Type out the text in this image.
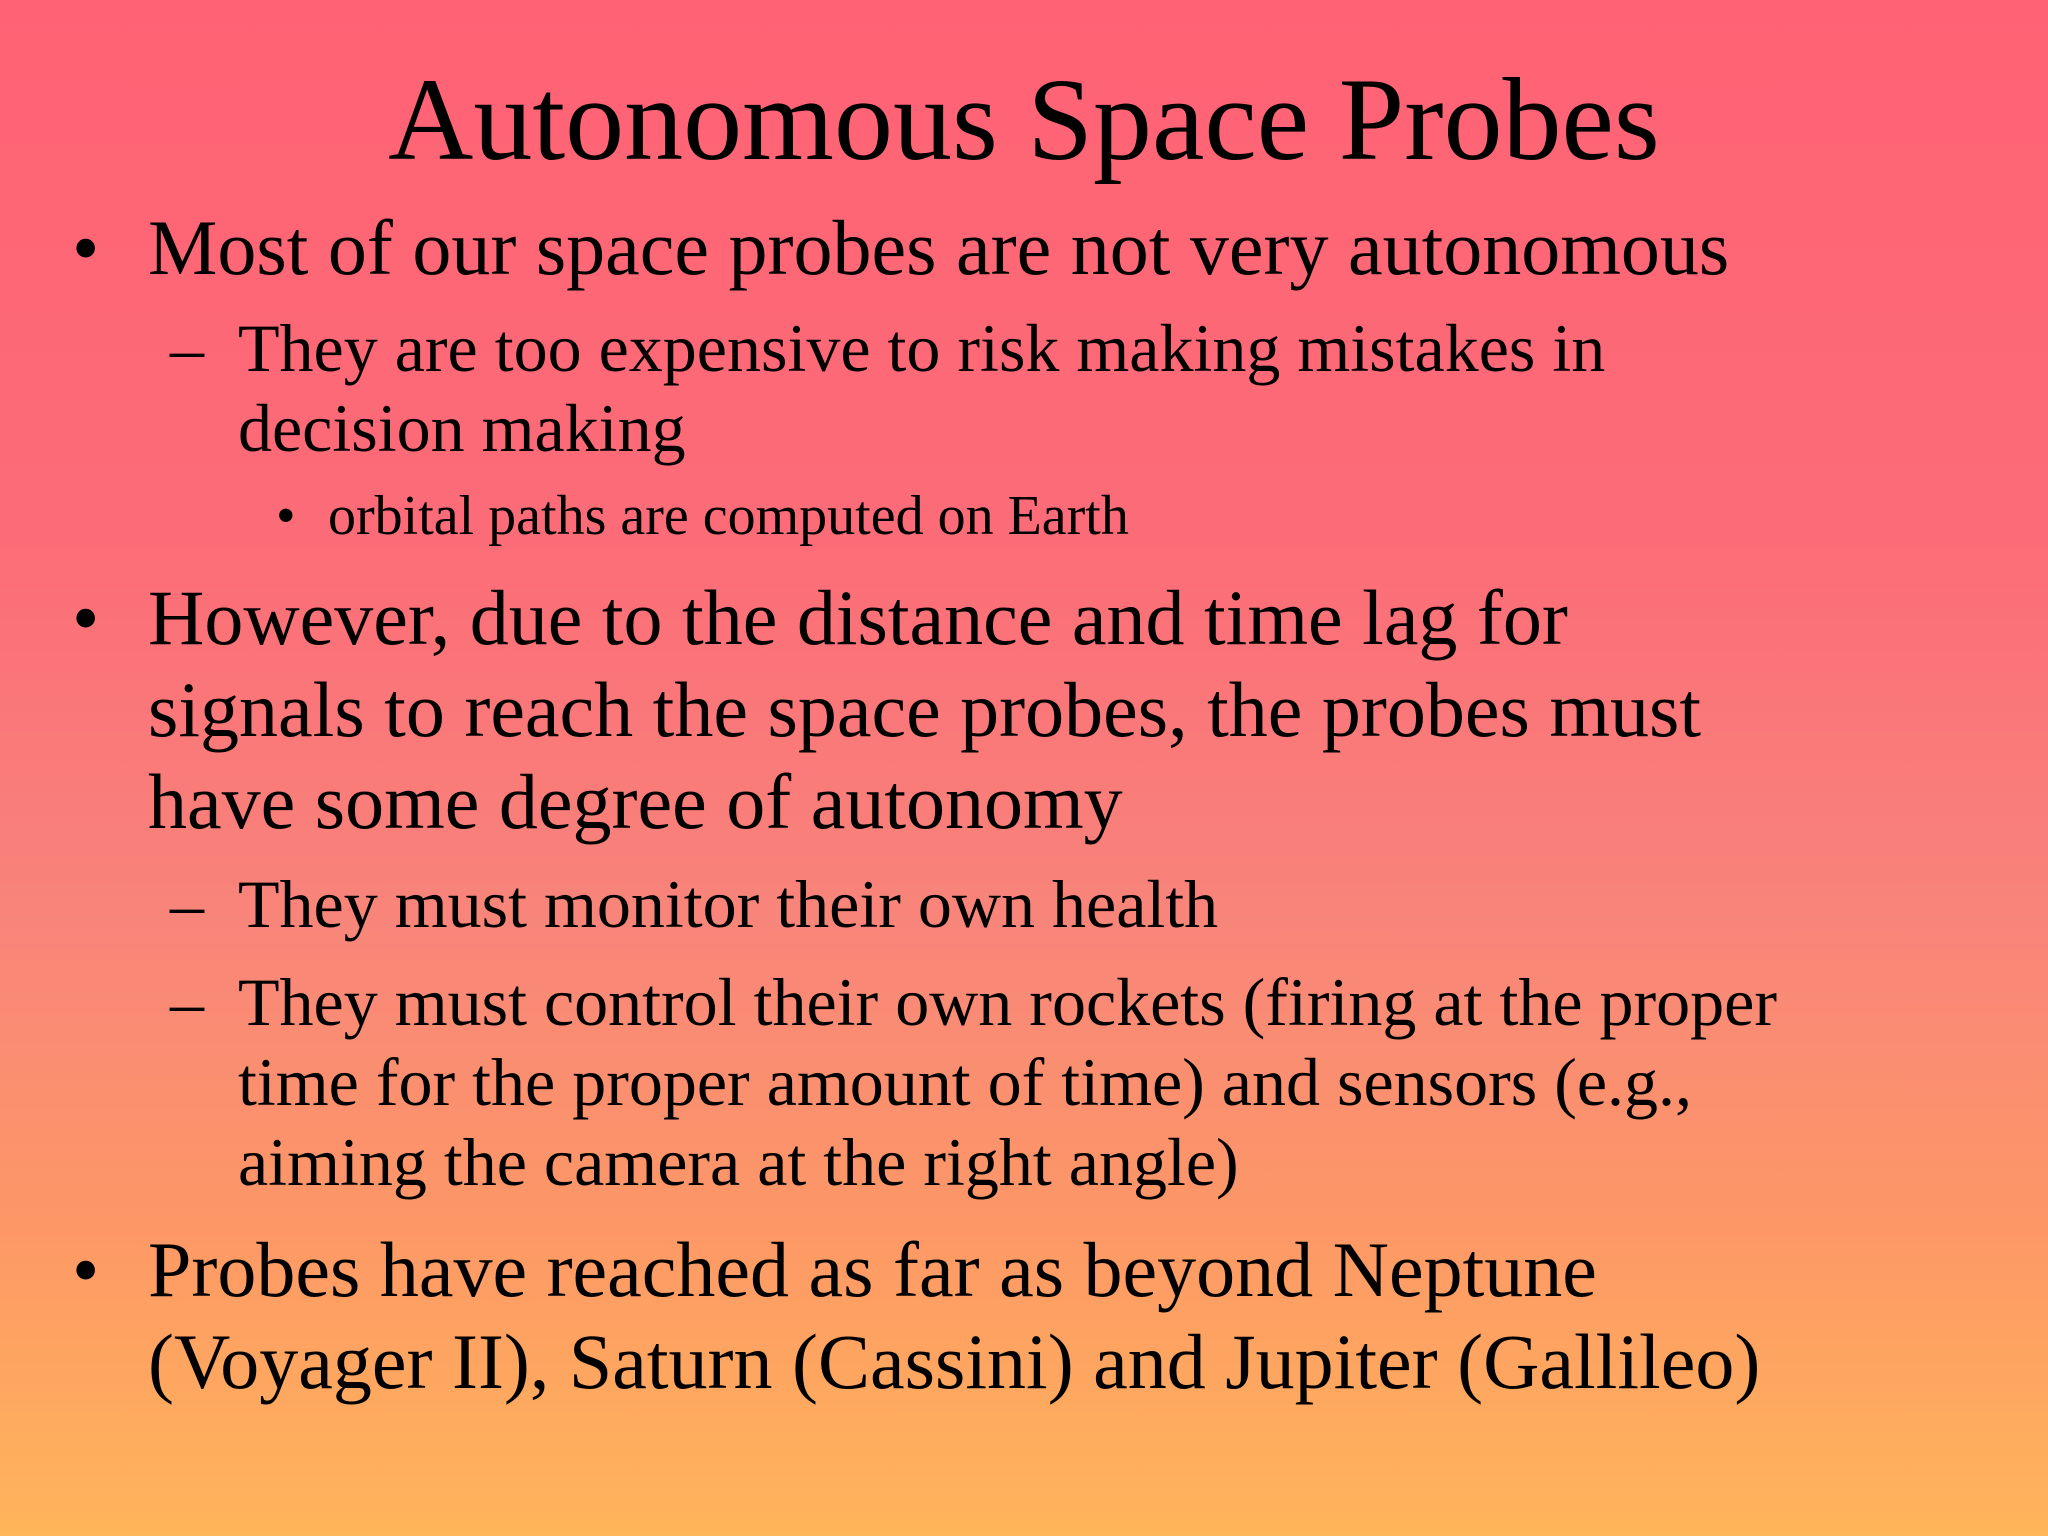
Autonomous Space Probes
• Most of our space probes are not very autonomous
– They are too expensive to risk making mistakes in
decision making
• orbital paths are computed on Earth
• However, due to the distance and time lag for
signals to reach the space probes, the probes must
have some degree of autonomy
– They must monitor their own health
– They must control their own rockets (firing at the proper
time for the proper amount of time) and sensors (e.g.,
aiming the camera at the right angle)
• Probes have reached as far as beyond Neptune
(Voyager II), Saturn (Cassini) and Jupiter (Gallileo)
